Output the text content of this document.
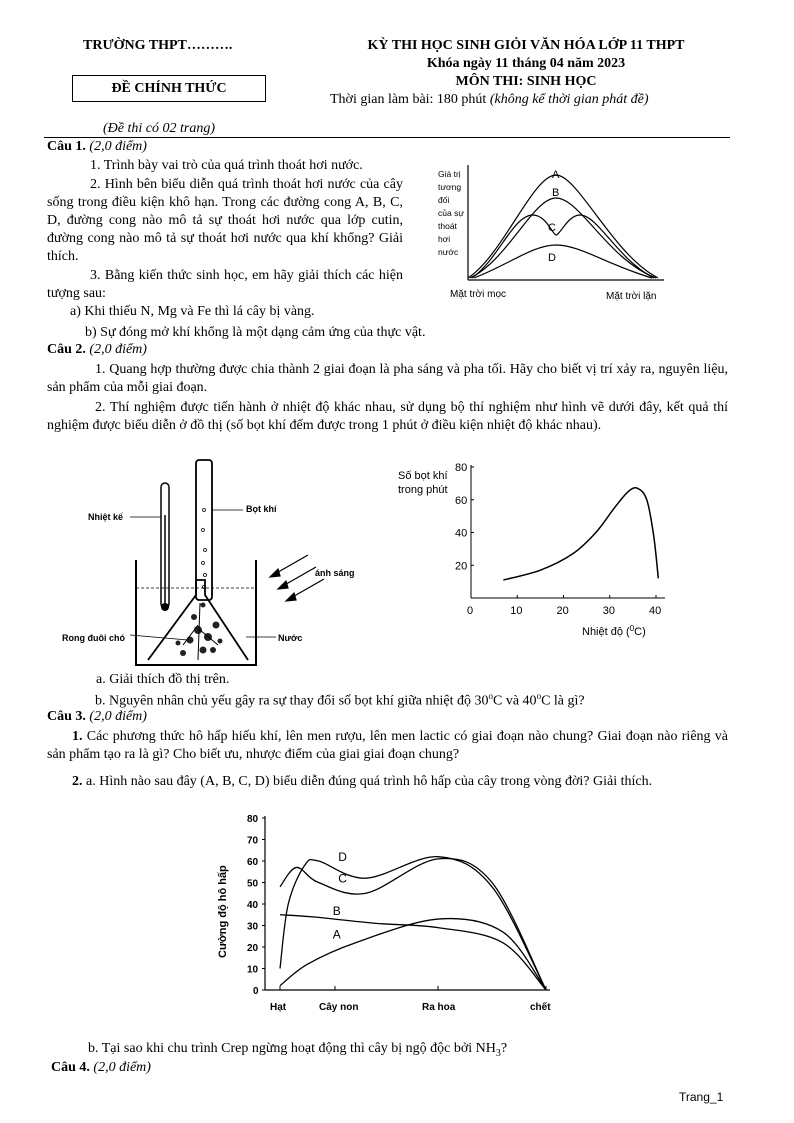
TRƯỜNG THPT……….
ĐỀ CHÍNH THỨC
(Đề thi có 02 trang)
KỲ THI HỌC SINH GIỎI VĂN HÓA LỚP 11 THPT
Khóa ngày 11 tháng 04 năm 2023
MÔN THI: SINH HỌC
Thời gian làm bài: 180 phút (không kể thời gian phát đề)
Câu 1. (2,0 điểm)
1. Trình bày vai trò của quá trình thoát hơi nước.
2. Hình bên biểu diễn quá trình thoát hơi nước của cây sống trong điều kiện khô hạn. Trong các đường cong A, B, C, D, đường cong nào mô tả sự thoát hơi nước qua lớp cutin, đường cong nào mô tả sự thoát hơi nước qua khí khổng? Giải thích.
3. Bằng kiến thức sinh học, em hãy giải thích các hiện tượng sau:
a) Khi thiếu N, Mg và Fe thì lá cây bị vàng.
b) Sự đóng mở khí khổng là một dạng cảm ứng của thực vật.
Giá trị
tương
đối
của sự
thoát
hơi
nước
A
B
C
D
Mặt trời mọc	Mặt trời lặn
Câu 2. (2,0 điểm)
1. Quang hợp thường được chia thành 2 giai đoạn là pha sáng và pha tối. Hãy cho biết vị trí xảy ra, nguyên liệu, sản phẩm của mỗi giai đoạn.
2. Thí nghiệm được tiến hành ở nhiệt độ khác nhau, sử dụng bộ thí nghiệm như hình vẽ dưới đây, kết quả thí nghiệm được biểu diễn ở đồ thị (số bọt khí đếm được trong 1 phút ở điều kiện nhiệt độ khác nhau).
Nhiệt kế
Bọt khí
ánh sáng
Rong đuôi chó	Nước
Số bọt khí
trong phút
0	10	20	30	40
20
40
60
80
Nhiệt độ ($^0$C)
a. Giải thích đồ thị trên.
b. Nguyên nhân chủ yếu gây ra sự thay đổi số bọt khí giữa nhiệt độ 30$^o$C và 40$^o$C là gì?
Câu 3. (2,0 điểm)
1. Các phương thức hô hấp hiếu khí, lên men rượu, lên men lactic có giai đoạn nào chung? Giai đoạn nào riêng và sản phẩm tạo ra là gì? Cho biết ưu, nhược điểm của giai giai đoạn chung?
2. a. Hình nào sau đây (A, B, C, D) biểu diễn đúng quá trình hô hấp của cây trong vòng đời? Giải thích.
Cường độ hô hấp
0
10
20
30
40
50
60
70
80
Hạt	Cây non	Ra hoa	chết
A
B
C
D
b. Tại sao khi chu trình Crep ngừng hoạt động thì cây bị ngộ độc bởi $NH_3$?
Câu 4. (2,0 điểm)
Trang_1
